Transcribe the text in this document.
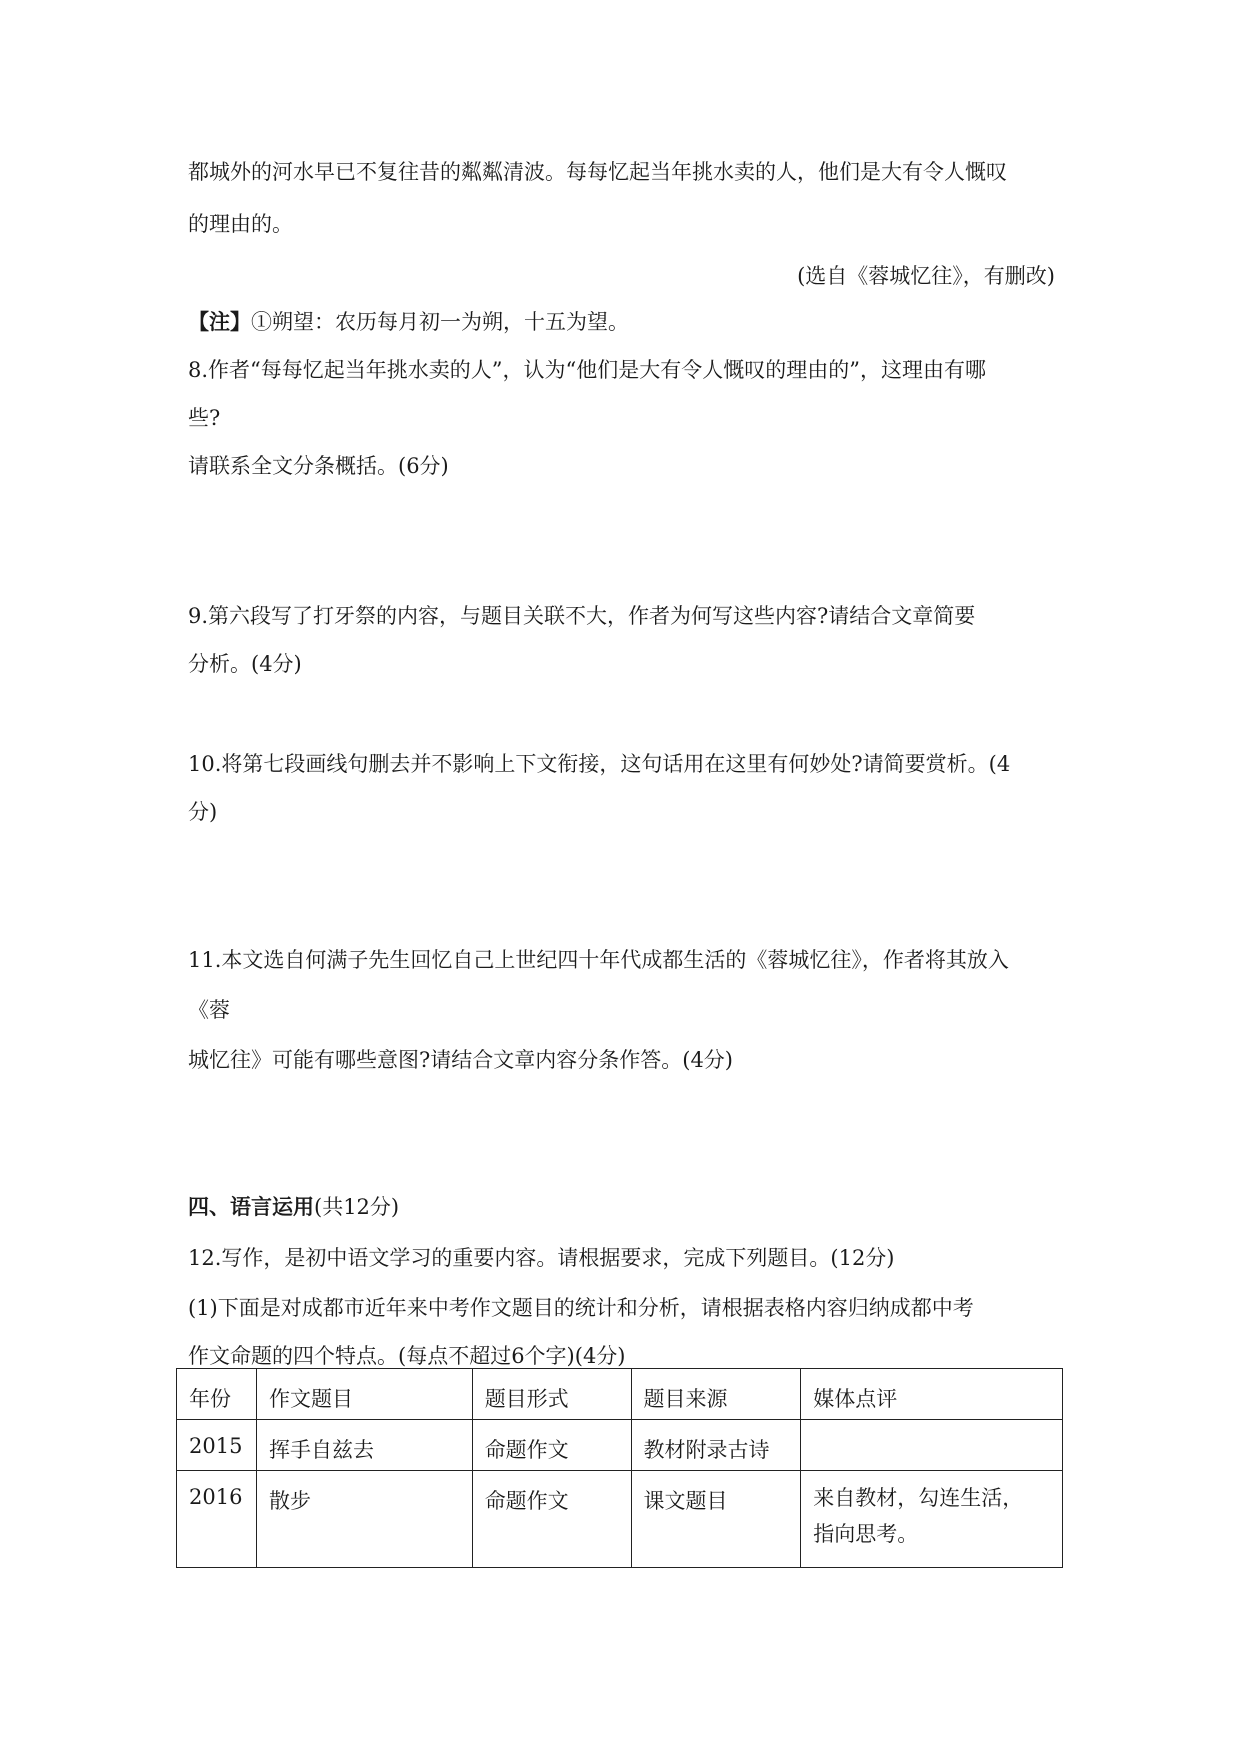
都城外的河水早已不复往昔的粼粼清波。每每忆起当年挑水卖的人，他们是大有令人慨叹
的理由的。
(选自《蓉城忆往》，有删改)
【注】①朔望：农历每月初一为朔，十五为望。
8.作者“每每忆起当年挑水卖的人”，认为“他们是大有令人慨叹的理由的”，这理由有哪
些?
请联系全文分条概括。(6分)
9.第六段写了打牙祭的内容，与题目关联不大，作者为何写这些内容?请结合文章简要
分析。(4分)
10.将第七段画线句删去并不影响上下文衔接，这句话用在这里有何妙处?请简要赏析。(4
分)
11.本文选自何满子先生回忆自己上世纪四十年代成都生活的《蓉城忆往》，作者将其放入
《蓉
城忆往》可能有哪些意图?请结合文章内容分条作答。(4分)
四、语言运用(共12分)
12.写作，是初中语文学习的重要内容。请根据要求，完成下列题目。(12分)
(1)下面是对成都市近年来中考作文题目的统计和分析，请根据表格内容归纳成都中考
作文命题的四个特点。(每点不超过6个字)(4分)
年份	作文题目	题目形式	题目来源	媒体点评
2015	挥手自兹去	命题作文	教材附录古诗	
2016	散步	命题作文	课文题目	来自教材，勾连生活，
指向思考。
